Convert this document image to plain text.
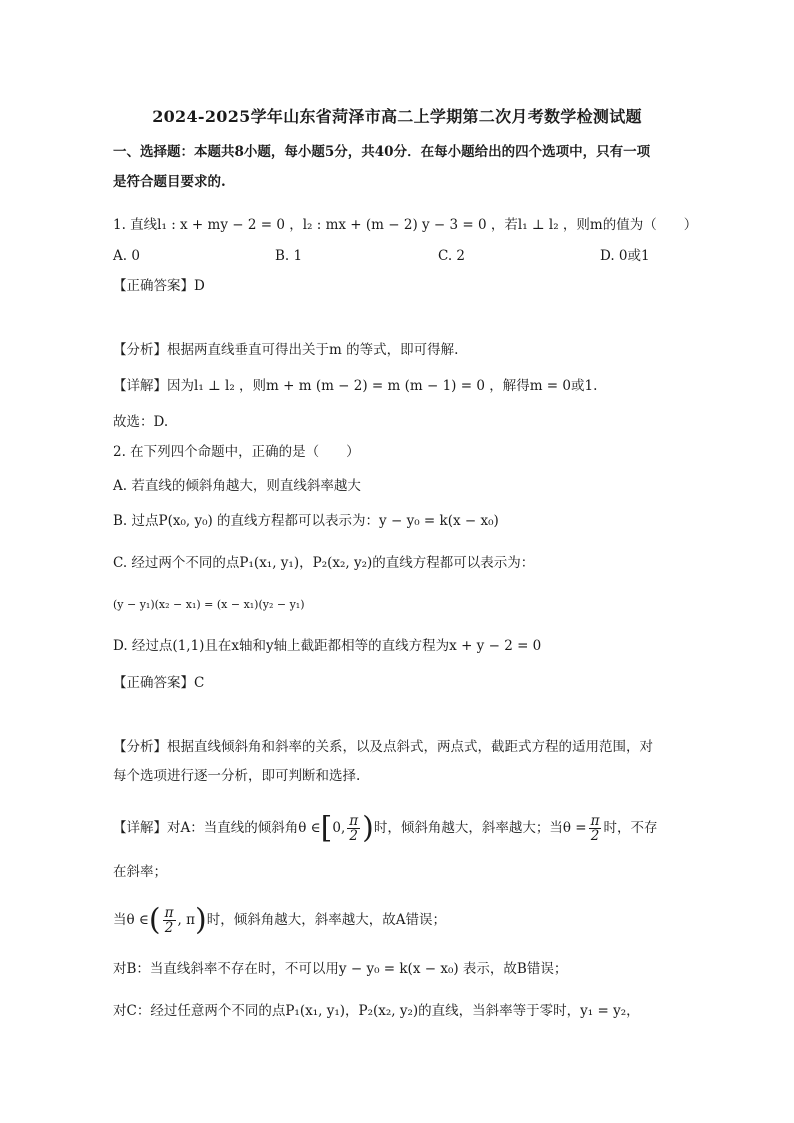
2024-2025学年山东省菏泽市高二上学期第二次月考数学检测试题
一、选择题：本题共8小题，每小题5分，共40分．在每小题给出的四个选项中，只有一项
是符合题目要求的.
1. 直线l₁ : x + my − 2 = 0 ，l₂ : mx + (m − 2) y − 3 = 0 ，若l₁ ⊥ l₂ ，则m的值为（　　）
A. 0	B. 1	C. 2	D. 0或1
【正确答案】D
【分析】根据两直线垂直可得出关于m 的等式，即可得解.
【详解】因为l₁ ⊥ l₂ ，则m + m (m − 2) = m (m − 1) = 0 ，解得m = 0或1.
故选：D.
2. 在下列四个命题中，正确的是（　　）
A. 若直线的倾斜角越大，则直线斜率越大
B. 过点P(x₀, y₀) 的直线方程都可以表示为：y − y₀ = k(x − x₀)
C. 经过两个不同的点P₁(x₁, y₁)，P₂(x₂, y₂)的直线方程都可以表示为：
(y − y₁)(x₂ − x₁) = (x − x₁)(y₂ − y₁)
D. 经过点(1,1)且在x轴和y轴上截距都相等的直线方程为x + y − 2 = 0
【正确答案】C
【分析】根据直线倾斜角和斜率的关系，以及点斜式，两点式，截距式方程的适用范围，对
每个选项进行逐一分析，即可判断和选择.
【详解】对A：当直线的倾斜角θ ∈[0, $\frac{\pi}{2}$ )时，倾斜角越大，斜率越大；当$\theta = \frac{\pi}{2}$ 时，不存
在斜率；
当θ ∈( $\frac{\pi}{2}$ , π)时，倾斜角越大，斜率越大，故A错误；
对B：当直线斜率不存在时，不可以用y − y₀ = k(x − x₀) 表示，故B错误；
对C：经过任意两个不同的点P₁(x₁, y₁)，P₂(x₂, y₂)的直线，当斜率等于零时，y₁ = y₂，
